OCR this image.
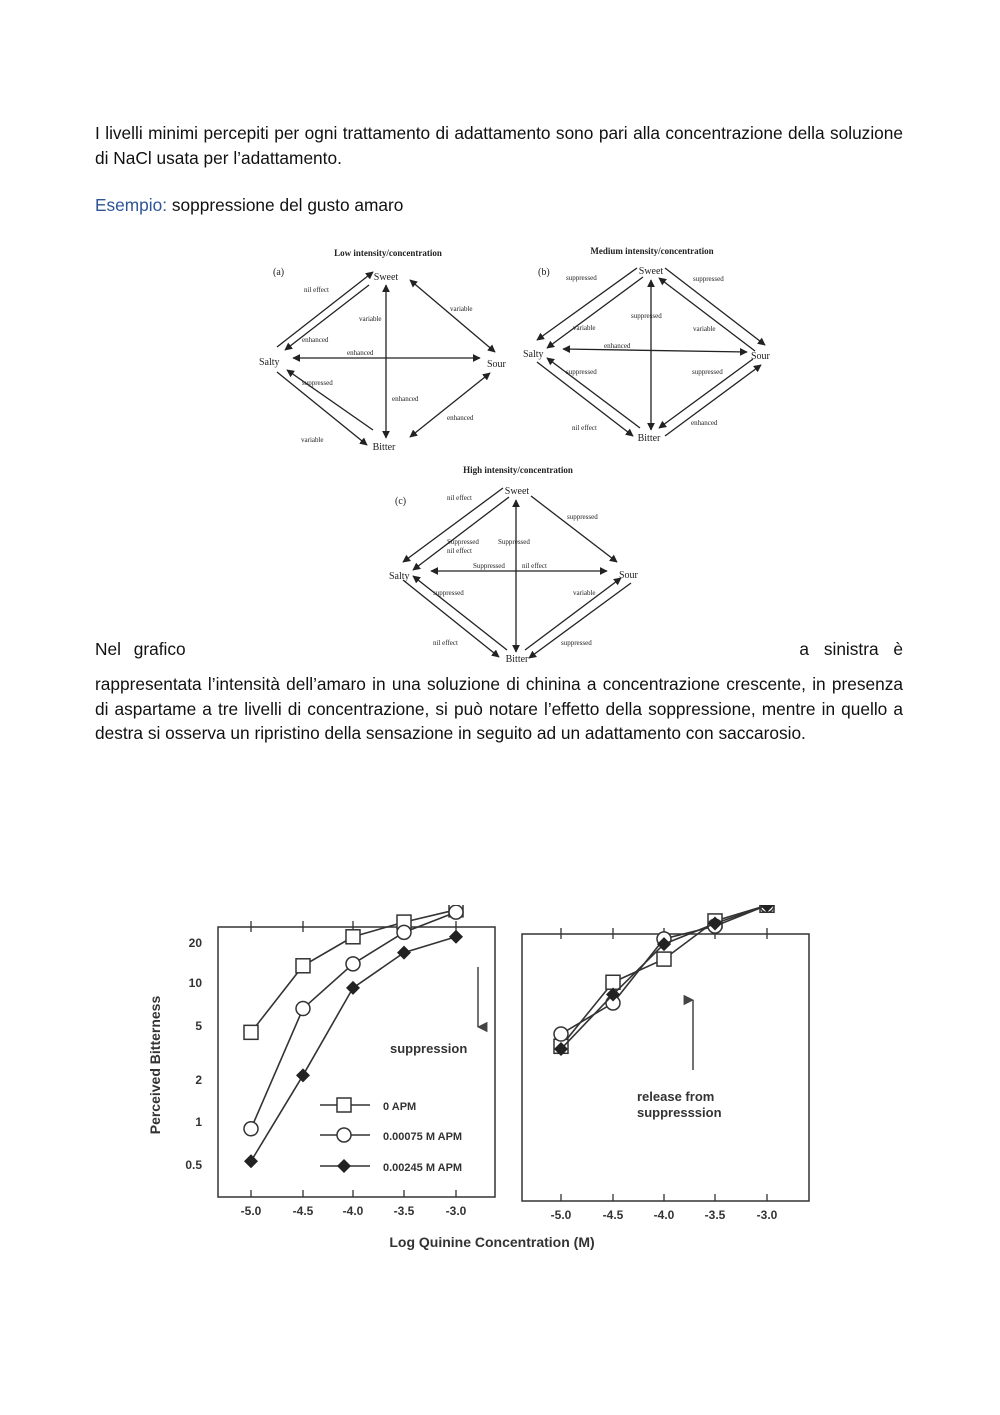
I livelli minimi percepiti per ogni trattamento di adattamento sono pari alla concentrazione della soluzione di NaCl usata per l’adattamento.

Esempio: soppressione del gusto amaro
Low intensity/concentration
(a)	Sweet
Salty	Sour
Bitter
nil effect
enhanced
variable
variable
enhanced
suppressed
variable
enhanced
enhanced
Medium intensity/concentration
(b)	Sweet
Salty	Sour
Bitter
suppressed
variable
suppressed
variable
suppressed
enhanced
suppressed
nil effect
suppressed
enhanced
High intensity/concentration
(c)
Sweet
Salty	Sour
Bitter
nil effect
Suppressed
nil effect
Suppressed
suppressed
Suppressed nil effect
suppressed
nil effect
variable
suppressed
Nel grafico	a sinistra è

rappresentata l’intensità dell’amaro in una soluzione di chinina a concentrazione crescente, in presenza di aspartame a tre livelli di concentrazione, si può notare l’effetto della soppressione, mentre in quello a destra si osserva un ripristino della sensazione in seguito ad un adattamento con saccarosio.

20
10
5
2
1
0.5
Perceived Bitterness
-5.0	-4.5 -4.0	-3.5	-3.0	-5.0	-4.5	-4.0	-3.5	-3.0
Log Quinine Concentration (M)
suppression
release from
suppresssion
0 APM
0.00075 M APM
0.00245 M APM
